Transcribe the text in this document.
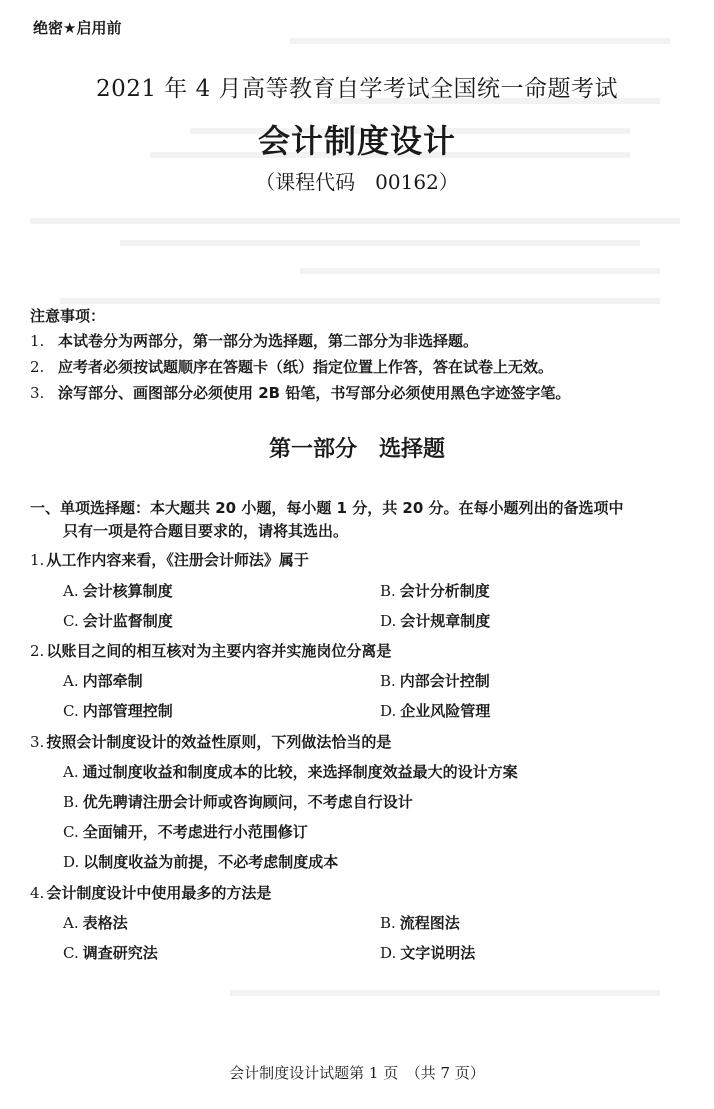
绝密★启用前
2021 年 4 月高等教育自学考试全国统一命题考试
会计制度设计
（课程代码　00162）
注意事项：
1. 本试卷分为两部分，第一部分为选择题，第二部分为非选择题。
2. 应考者必须按试题顺序在答题卡（纸）指定位置上作答，答在试卷上无效。
3. 涂写部分、画图部分必须使用 2B 铅笔，书写部分必须使用黑色字迹签字笔。
第一部分　选择题
一、单项选择题：本大题共 20 小题，每小题 1 分，共 20 分。在每小题列出的备选项中
只有一项是符合题目要求的，请将其选出。
1. 从工作内容来看，《注册会计师法》属于
A. 会计核算制度	B. 会计分析制度
C. 会计监督制度	D. 会计规章制度
2. 以账目之间的相互核对为主要内容并实施岗位分离是
A. 内部牵制	B. 内部会计控制
C. 内部管理控制	D. 企业风险管理
3. 按照会计制度设计的效益性原则，下列做法恰当的是
A. 通过制度收益和制度成本的比较，来选择制度效益最大的设计方案
B. 优先聘请注册会计师或咨询顾问，不考虑自行设计
C. 全面铺开，不考虑进行小范围修订
D. 以制度收益为前提，不必考虑制度成本
4. 会计制度设计中使用最多的方法是
A. 表格法	B. 流程图法
C. 调查研究法	D. 文字说明法
会计制度设计试题第 1 页　（共 7 页）
